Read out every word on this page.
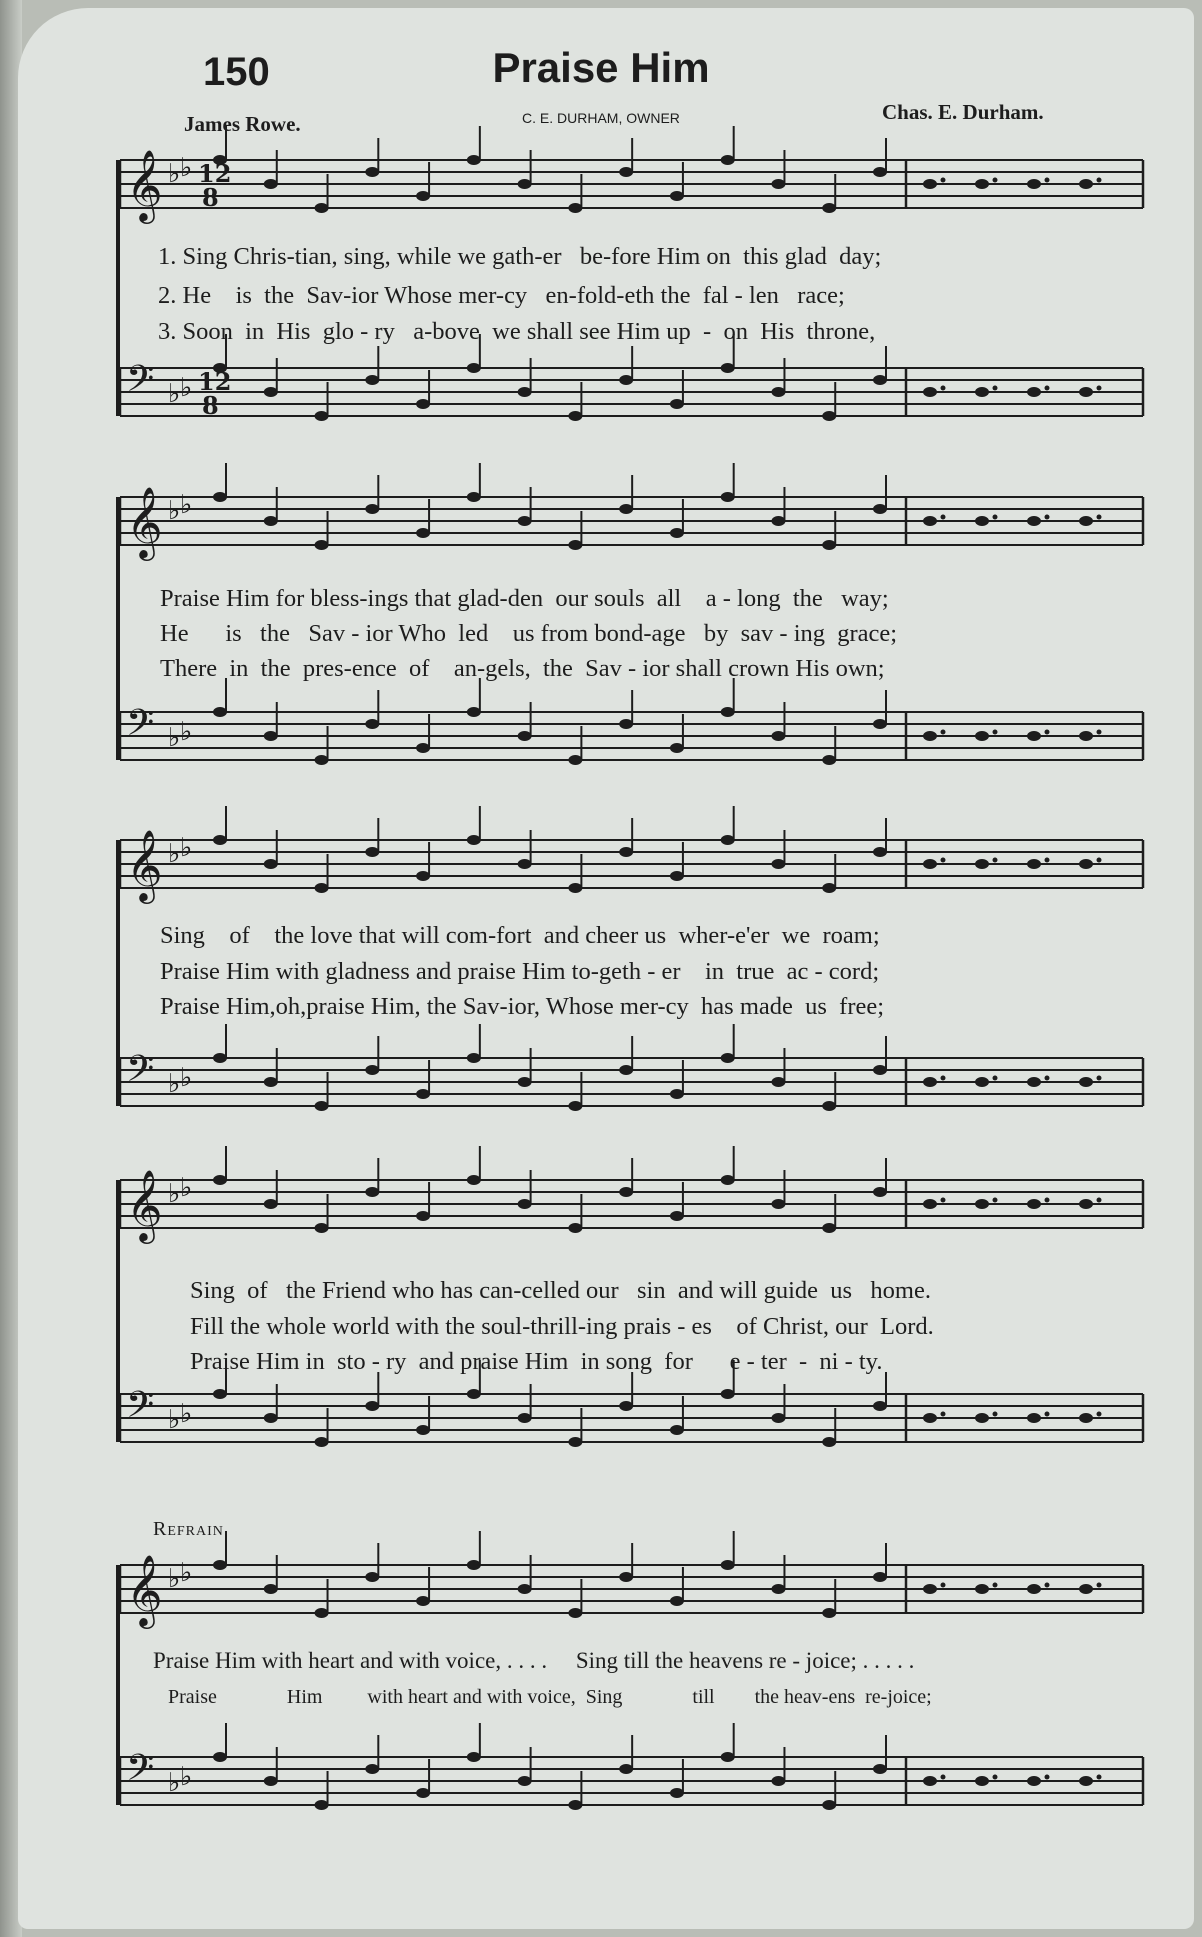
150	Praise Him
James Rowe.	C. E. DURHAM, OWNER	Chas. E. Durham.
𝄞 ♭ ♭
𝄢 ♭ ♭
𝄞 ♭ ♭
𝄢 ♭ ♭
𝄞 ♭ ♭
𝄢 ♭ ♭
𝄞 ♭ ♭
𝄢 ♭ ♭
𝄞 ♭ ♭
𝄢 ♭ ♭
12
8
12
8
1. Sing Chris-tian, sing, while we gath-er   be-fore Him on  this glad  day;
2. He    is  the  Sav-ior Whose mer-cy   en-fold-eth the  fal - len   race;
3. Soon  in  His  glo - ry   a-bove  we shall see Him up  -  on  His  throne,
Praise Him for bless-ings that glad-den  our souls  all    a - long  the   way;
He      is   the   Sav - ior Who  led    us from bond-age   by  sav - ing  grace;
There  in  the  pres-ence  of    an-gels,  the  Sav - ior shall crown His own;
Sing    of    the love that will com-fort  and cheer us  wher-e'er  we  roam;
Praise Him with gladness and praise Him to-geth - er    in  true  ac - cord;
Praise Him,oh,praise Him, the Sav-ior, Whose mer-cy  has made  us  free;
Sing  of   the Friend who has can-celled our   sin  and will guide  us   home.
Fill the whole world with the soul-thrill-ing prais - es    of Christ, our  Lord.
Praise Him in  sto - ry  and praise Him  in song  for      e - ter  -  ni - ty.
Refrain
Praise Him with heart and with voice, . . . .     Sing till the heavens re - joice; . . . . .
Praise              Him         with heart and with voice,  Sing              till        the heav-ens  re-joice;
